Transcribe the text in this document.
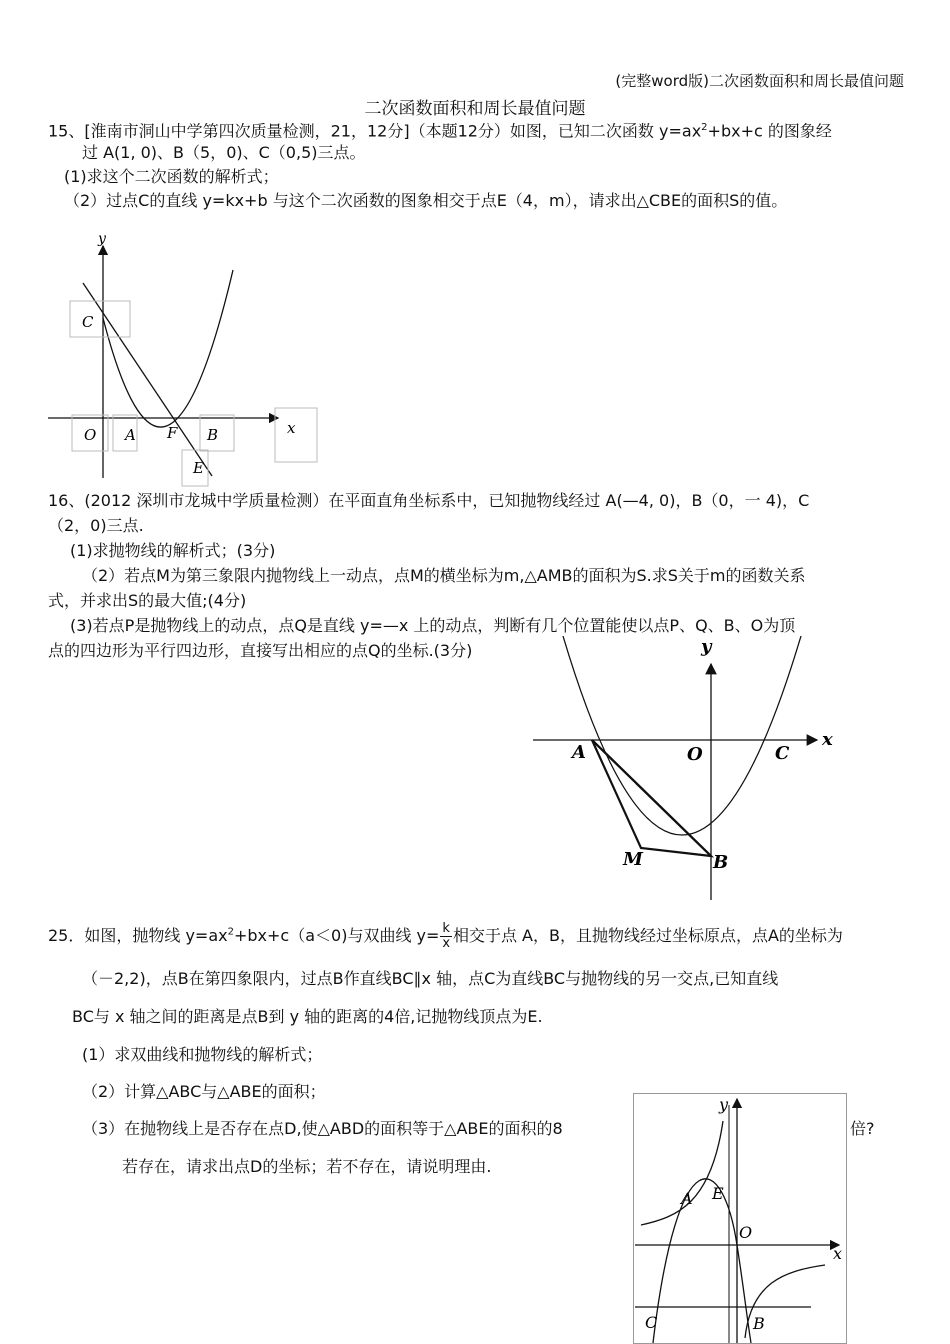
(完整word版)二次函数面积和周长最值问题
二次函数面积和周长最值问题
15、[淮南市洞山中学第四次质量检测，21，12分]（本题12分）如图，已知二次函数 $y=ax^2+bx+c$ 的图象经
过 A(1, 0)、B（5，0)、C（0,5)三点。
(1)求这个二次函数的解析式；
（2）过点C的直线 y=kx+b 与这个二次函数的图象相交于点E（4，m），请求出△CBE的面积S的值。
y
C
O A F B	x
E
16、(2012 深圳市龙城中学质量检测）在平面直角坐标系中，已知抛物线经过 A(—4, 0)，B（0，一 4)，C
（2，0)三点.
(1)求抛物线的解析式；(3分)
（2）若点M为第三象限内抛物线上一动点，点M的横坐标为m,△AMB的面积为S.求S关于m的函数关系
式，并求出S的最大值;(4分)
(3)若点P是抛物线上的动点，点Q是直线 y=—x 上的动点，判断有几个位置能使以点P、Q、B、O为顶
点的四边形为平行四边形，直接写出相应的点Q的坐标.(3分)	y
x
A	O	C
M	B
25．如图，抛物线 $y=ax^2+bx+c(a<0)$与双曲线 $y= \frac{k}{x}$ 相交于点 A，B，且抛物线经过坐标原点，点A的坐标为
（－2,2)，点B在第四象限内，过点B作直线BC∥x 轴，点C为直线BC与抛物线的另一交点,已知直线
BC与 x 轴之间的距离是点B到 y 轴的距离的4倍,记抛物线顶点为E.
(1）求双曲线和抛物线的解析式；
（2）计算△ABC与△ABE的面积；
（3）在抛物线上是否存在点D,使△ABD的面积等于△ABE的面积的8	倍?
若存在，请求出点D的坐标；若不存在，请说明理由.
y
x
A E
O
C	B
